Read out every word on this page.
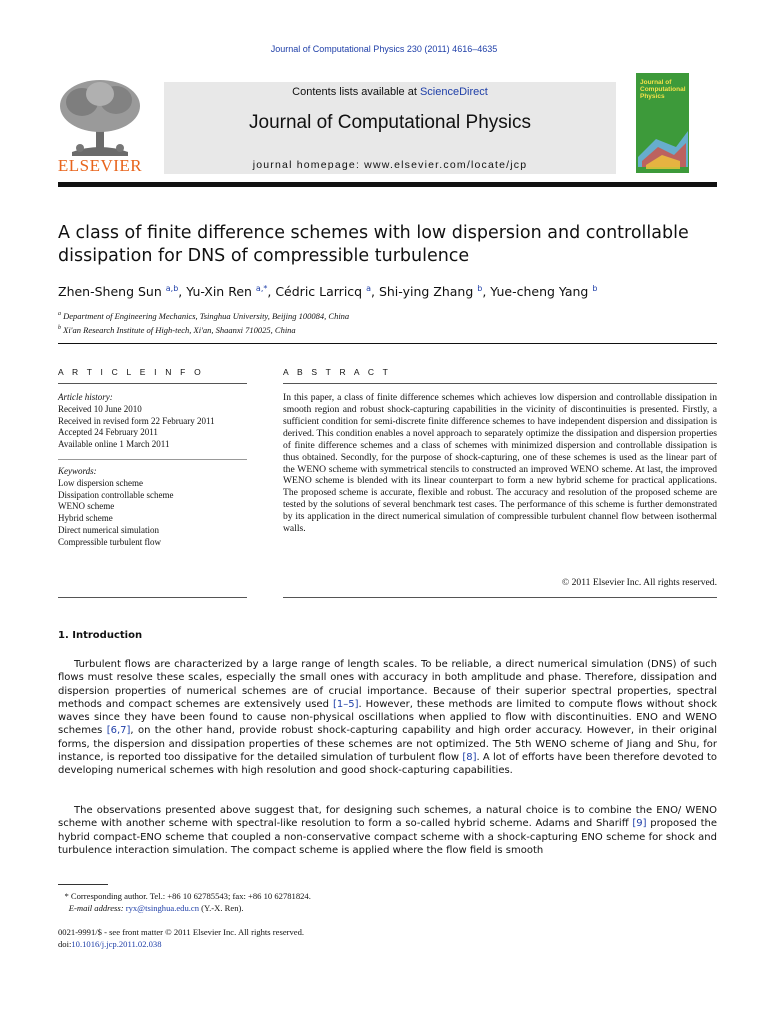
Journal of Computational Physics 230 (2011) 4616–4635
ELSEVIER
Contents lists available at ScienceDirect
Journal of Computational Physics
journal homepage: www.elsevier.com/locate/jcp
Journal of Computational Physics
A class of finite difference schemes with low dispersion and controllable dissipation for DNS of compressible turbulence
Zhen-Sheng Sun $^{a,b}$, Yu-Xin Ren $^{a,*}$, Cédric Larricq $^a$, Shi-ying Zhang $^b$, Yue-cheng Yang $^b$
$^a$ Department of Engineering Mechanics, Tsinghua University, Beijing 100084, China
$^b$ Xi'an Research Institute of High-tech, Xi'an, Shaanxi 710025, China
A R T I C L E I N F O
Article history:
Received 10 June 2010
Received in revised form 22 February 2011
Accepted 24 February 2011
Available online 1 March 2011
Keywords:
Low dispersion scheme
Dissipation controllable scheme
WENO scheme
Hybrid scheme
Direct numerical simulation
Compressible turbulent flow
A B S T R A C T
In this paper, a class of finite difference schemes which achieves low dispersion and controllable dissipation in smooth region and robust shock-capturing capabilities in the vicinity of discontinuities is presented. Firstly, a sufficient condition for semi-discrete finite difference schemes to have independent dispersion and dissipation is derived. This condition enables a novel approach to separately optimize the dissipation and dispersion properties of finite difference schemes and a class of schemes with minimized dispersion and controllable dissipation is thus obtained. Secondly, for the purpose of shock-capturing, one of these schemes is used as the linear part of the WENO scheme with symmetrical stencils to constructed an improved WENO scheme. At last, the improved WENO scheme is blended with its linear counterpart to form a new hybrid scheme for practical applications. The proposed scheme is accurate, flexible and robust. The accuracy and resolution of the proposed scheme are tested by the solutions of several benchmark test cases. The performance of this scheme is further demonstrated by its application in the direct numerical simulation of compressible turbulent channel flow between isothermal walls.
© 2011 Elsevier Inc. All rights reserved.
1. Introduction
Turbulent flows are characterized by a large range of length scales. To be reliable, a direct numerical simulation (DNS) of such flows must resolve these scales, especially the small ones with accuracy in both amplitude and phase. Therefore, dissipation and dispersion properties of numerical schemes are of crucial importance. Because of their superior spectral properties, spectral methods and compact schemes are extensively used [1–5]. However, these methods are limited to compute flows without shock waves since they have been found to cause non-physical oscillations when applied to flow with discontinuities. ENO and WENO schemes [6,7], on the other hand, provide robust shock-capturing capability and high order accuracy. However, in their original forms, the dispersion and dissipation properties of these schemes are not optimized. The 5th WENO scheme of Jiang and Shu, for instance, is reported too dissipative for the detailed simulation of turbulent flow [8]. A lot of efforts have been therefore devoted to developing numerical schemes with high resolution and good shock-capturing capabilities.
The observations presented above suggest that, for designing such schemes, a natural choice is to combine the ENO/ WENO scheme with another scheme with spectral-like resolution to form a so-called hybrid scheme. Adams and Shariff [9] proposed the hybrid compact-ENO scheme that coupled a non-conservative compact scheme with a shock-capturing ENO scheme for shock and turbulence interaction simulation. The compact scheme is applied where the flow field is smooth
* Corresponding author. Tel.: +86 10 62785543; fax: +86 10 62781824.
E-mail address: ryx@tsinghua.edu.cn (Y.-X. Ren).
0021-9991/$ - see front matter © 2011 Elsevier Inc. All rights reserved.
doi:10.1016/j.jcp.2011.02.038
